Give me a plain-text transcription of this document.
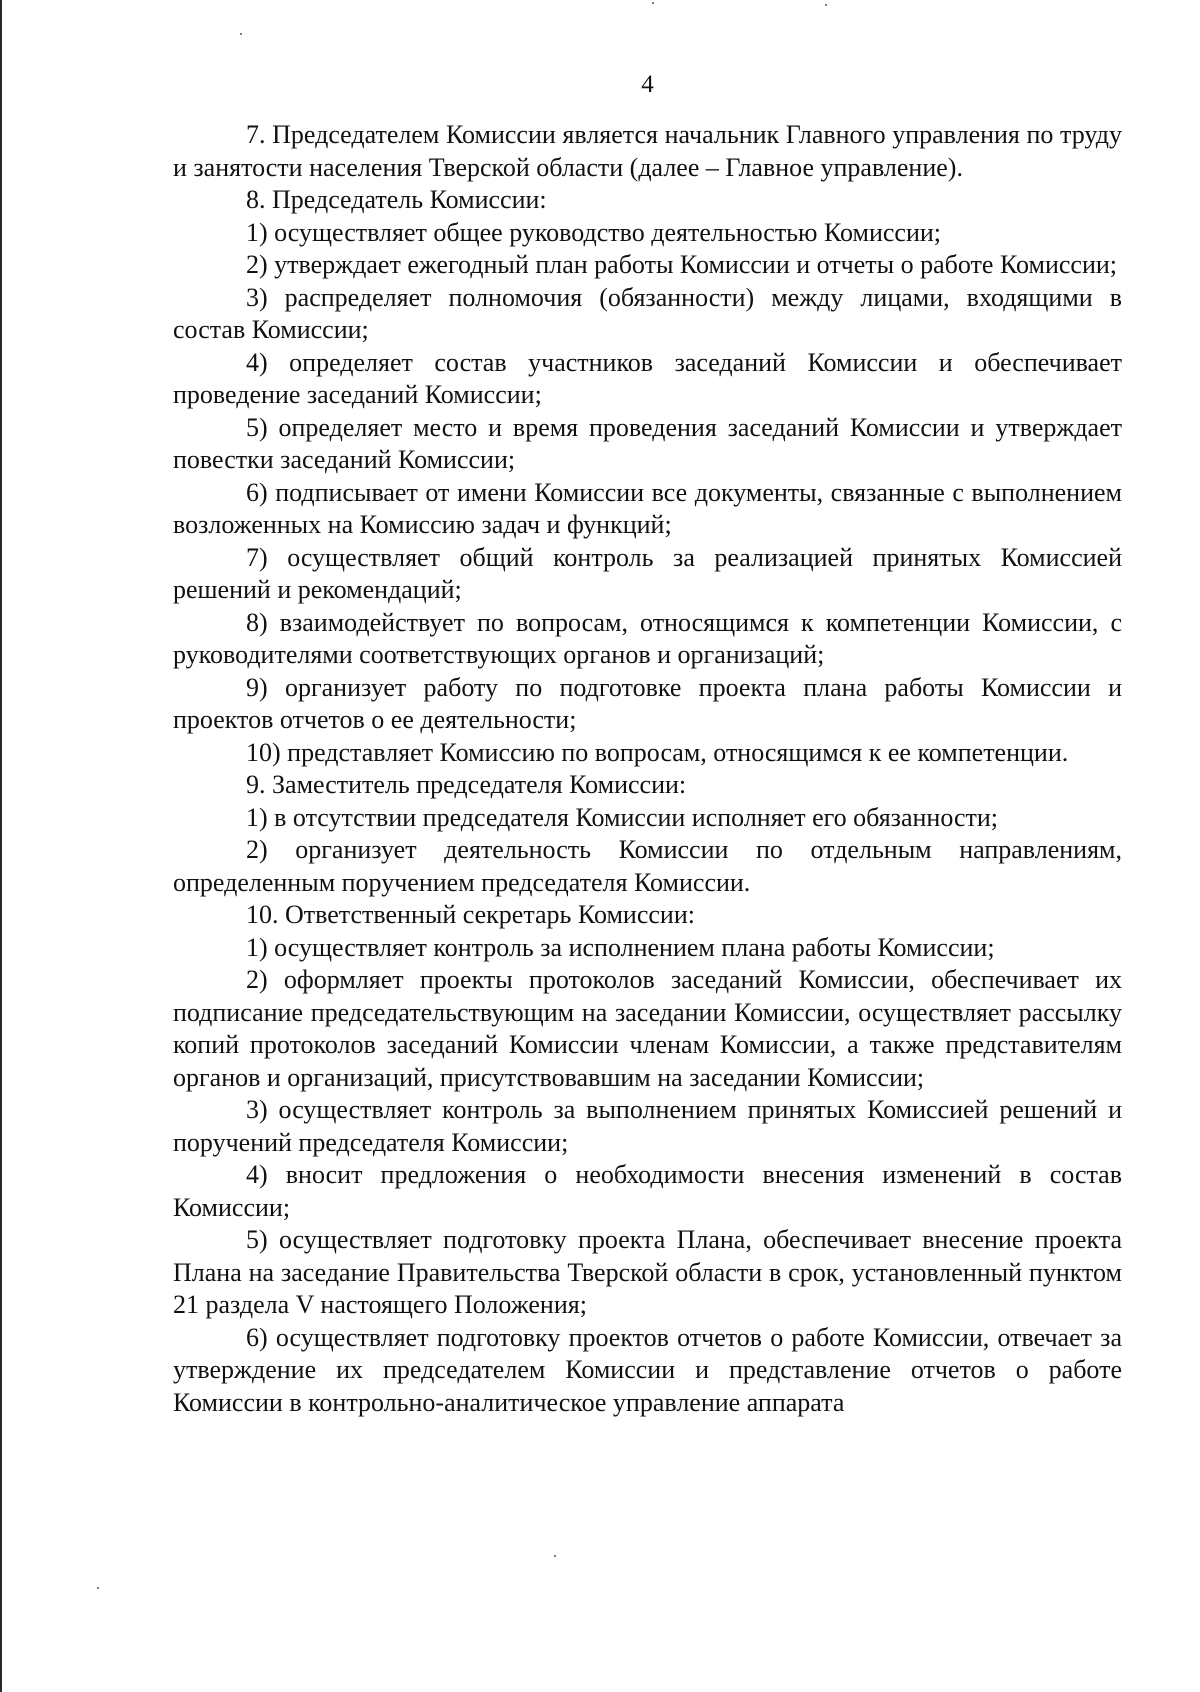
4

7. Председателем Комиссии является начальник Главного управления по труду и занятости населения Тверской области (далее – Главное управление).

8. Председатель Комиссии:

1) осуществляет общее руководство деятельностью Комиссии;

2) утверждает ежегодный план работы Комиссии и отчеты о работе Комиссии;

3) распределяет полномочия (обязанности) между лицами, входящими в состав Комиссии;

4) определяет состав участников заседаний Комиссии и обеспечивает проведение заседаний Комиссии;

5) определяет место и время проведения заседаний Комиссии и утверждает повестки заседаний Комиссии;

6) подписывает от имени Комиссии все документы, связанные с выполнением возложенных на Комиссию задач и функций;

7) осуществляет общий контроль за реализацией принятых Комиссией решений и рекомендаций;

8) взаимодействует по вопросам, относящимся к компетенции Комиссии, с руководителями соответствующих органов и организаций;

9) организует работу по подготовке проекта плана работы Комиссии и проектов отчетов о ее деятельности;

10) представляет Комиссию по вопросам, относящимся к ее компетенции.

9. Заместитель председателя Комиссии:

1) в отсутствии председателя Комиссии исполняет его обязанности;

2) организует деятельность Комиссии по отдельным направлениям, определенным поручением председателя Комиссии.

10. Ответственный секретарь Комиссии:

1) осуществляет контроль за исполнением плана работы Комиссии;

2) оформляет проекты протоколов заседаний Комиссии, обеспечивает их подписание председательствующим на заседании Комиссии, осуществляет рассылку копий протоколов заседаний Комиссии членам Комиссии, а также представителям органов и организаций, присутствовавшим на заседании Комиссии;

3) осуществляет контроль за выполнением принятых Комиссией решений и поручений председателя Комиссии;

4) вносит предложения о необходимости внесения изменений в состав Комиссии;

5) осуществляет подготовку проекта Плана, обеспечивает внесение проекта Плана на заседание Правительства Тверской области в срок, установленный пунктом 21 раздела V настоящего Положения;

6) осуществляет подготовку проектов отчетов о работе Комиссии, отвечает за утверждение их председателем Комиссии и представление отчетов о работе Комиссии в контрольно-аналитическое управление аппарата
